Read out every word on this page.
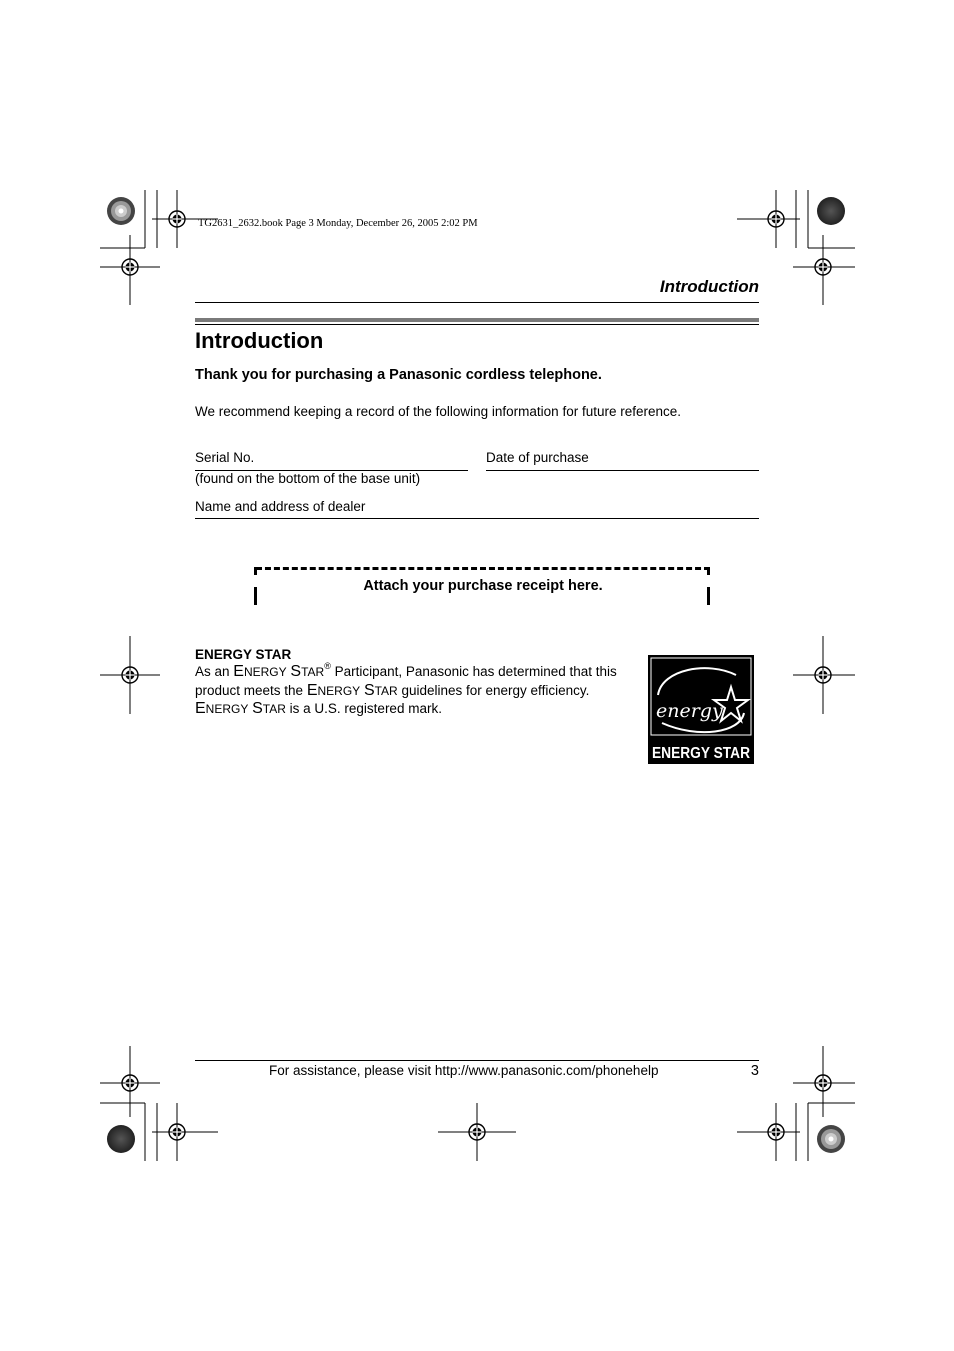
TG2631_2632.book Page 3 Monday, December 26, 2005 2:02 PM
Introduction
Introduction
Thank you for purchasing a Panasonic cordless telephone.
We recommend keeping a record of the following information for future reference.
Serial No.
(found on the bottom of the base unit)
Date of purchase
Name and address of dealer
Attach your purchase receipt here.
ENERGY STAR
As an ENERGY STAR® Participant, Panasonic has determined that this product meets the ENERGY STAR guidelines for energy efficiency. ENERGY STAR is a U.S. registered mark.	energy
ENERGY STAR
For assistance, please visit http://www.panasonic.com/phonehelp	3
